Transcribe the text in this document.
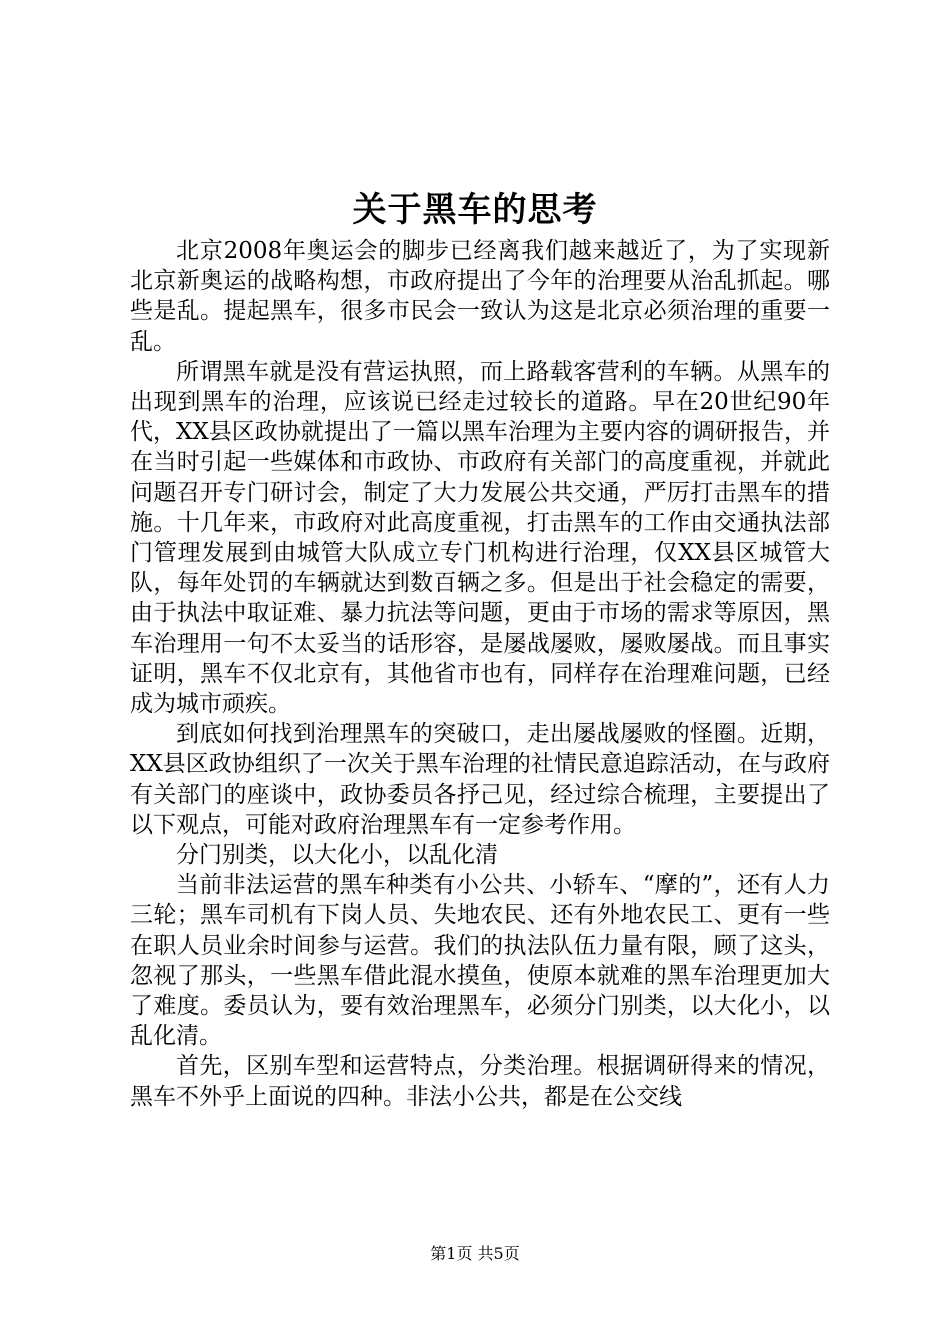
关于黑车的思考

北京2008年奥运会的脚步已经离我们越来越近了，为了实现新北京新奥运的战略构想，市政府提出了今年的治理要从治乱抓起。哪些是乱。提起黑车，很多市民会一致认为这是北京必须治理的重要一乱。

所谓黑车就是没有营运执照，而上路载客营利的车辆。从黑车的出现到黑车的治理，应该说已经走过较长的道路。早在20世纪90年代，XX县区政协就提出了一篇以黑车治理为主要内容的调研报告，并在当时引起一些媒体和市政协、市政府有关部门的高度重视，并就此问题召开专门研讨会，制定了大力发展公共交通，严厉打击黑车的措施。十几年来，市政府对此高度重视，打击黑车的工作由交通执法部门管理发展到由城管大队成立专门机构进行治理，仅XX县区城管大队，每年处罚的车辆就达到数百辆之多。但是出于社会稳定的需要，由于执法中取证难、暴力抗法等问题，更由于市场的需求等原因，黑车治理用一句不太妥当的话形容，是屡战屡败，屡败屡战。而且事实证明，黑车不仅北京有，其他省市也有，同样存在治理难问题，已经成为城市顽疾。

到底如何找到治理黑车的突破口，走出屡战屡败的怪圈。近期，XX县区政协组织了一次关于黑车治理的社情民意追踪活动，在与政府有关部门的座谈中，政协委员各抒己见，经过综合梳理，主要提出了以下观点，可能对政府治理黑车有一定参考作用。

分门别类，以大化小，以乱化清

当前非法运营的黑车种类有小公共、小轿车、“摩的”，还有人力三轮；黑车司机有下岗人员、失地农民、还有外地农民工、更有一些在职人员业余时间参与运营。我们的执法队伍力量有限，顾了这头，忽视了那头，一些黑车借此混水摸鱼，使原本就难的黑车治理更加大了难度。委员认为，要有效治理黑车，必须分门别类，以大化小，以乱化清。

首先，区别车型和运营特点，分类治理。根据调研得来的情况，黑车不外乎上面说的四种。非法小公共，都是在公交线

第1页 共5页
